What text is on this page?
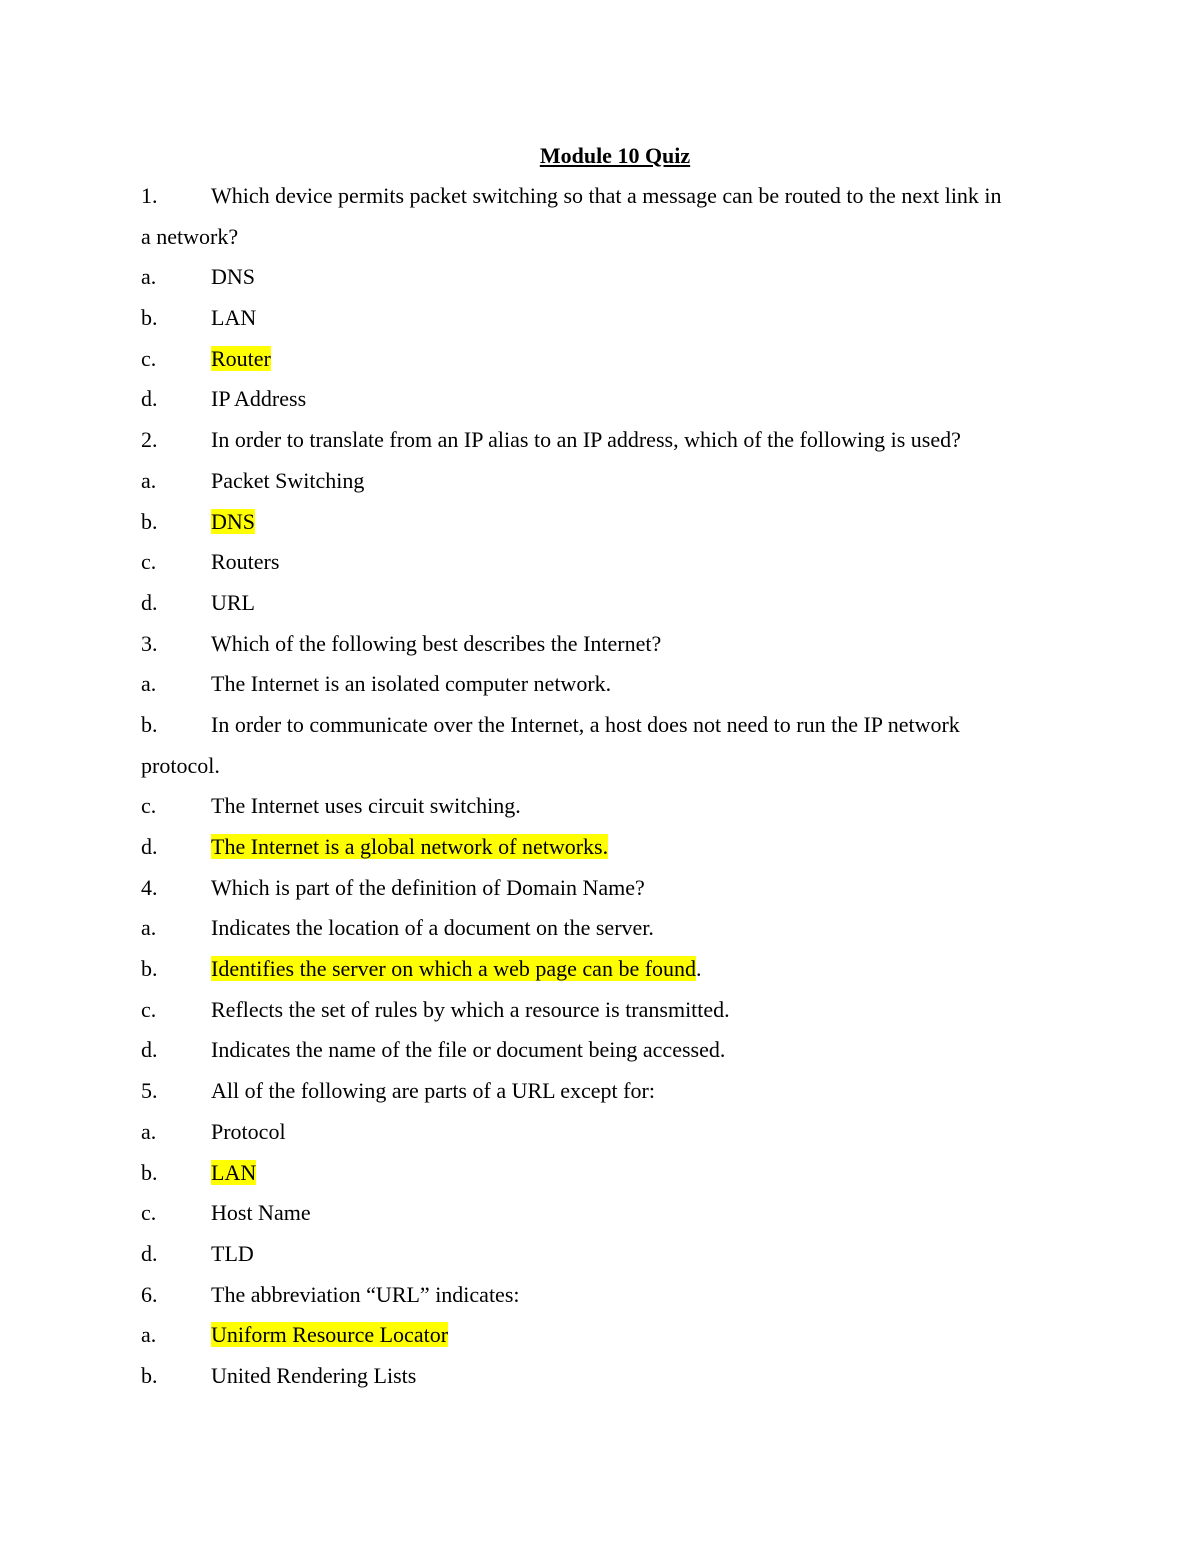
Module 10 Quiz
1.	Which device permits packet switching so that a message can be routed to the next link in
a network?
a.	DNS
b.	LAN
c.	Router
d.	IP Address
2.	In order to translate from an IP alias to an IP address, which of the following is used?
a.	Packet Switching
b.	DNS
c.	Routers
d.	URL
3.	Which of the following best describes the Internet?
a.	The Internet is an isolated computer network.
b.	In order to communicate over the Internet, a host does not need to run the IP network
protocol.
c.	The Internet uses circuit switching.
d.	The Internet is a global network of networks.
4.	Which is part of the definition of Domain Name?
a.	Indicates the location of a document on the server.
b.	Identifies the server on which a web page can be found.
c.	Reflects the set of rules by which a resource is transmitted.
d.	Indicates the name of the file or document being accessed.
5.	All of the following are parts of a URL except for:
a.	Protocol
b.	LAN
c.	Host Name
d.	TLD
6.	The abbreviation “URL” indicates:
a.	Uniform Resource Locator
b.	United Rendering Lists
